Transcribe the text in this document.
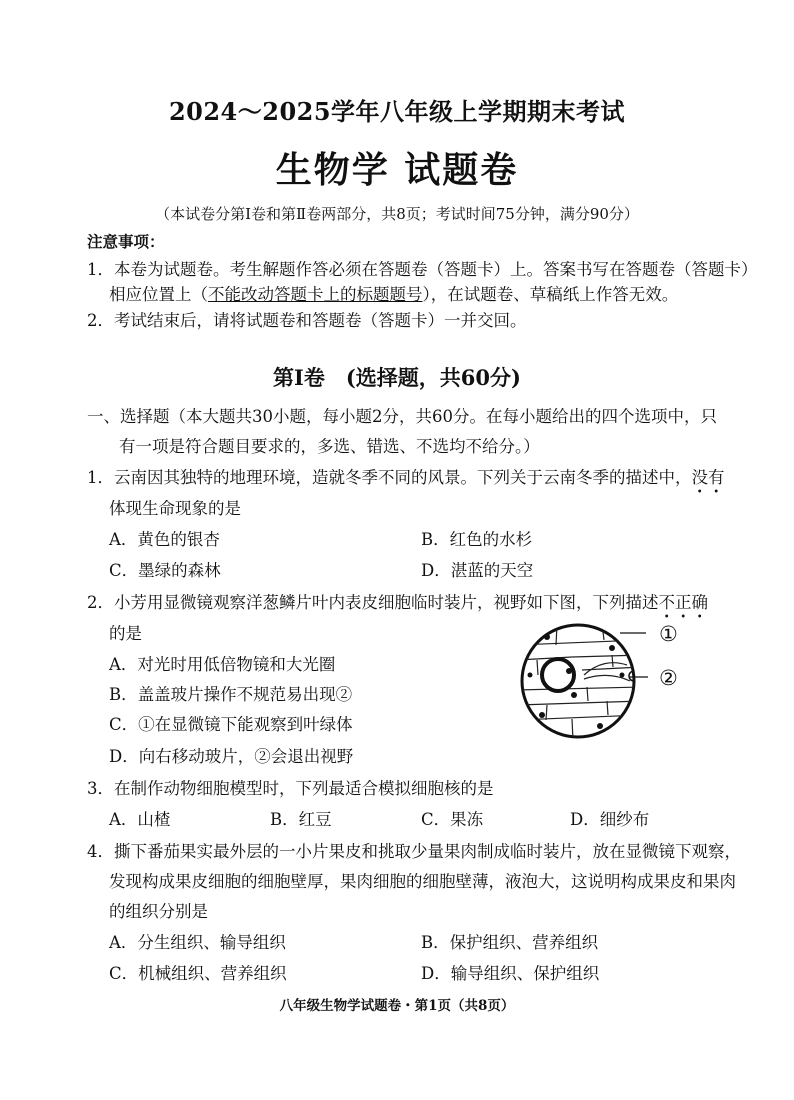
2024～2025学年八年级上学期期末考试
生物学 试题卷
（本试卷分第Ⅰ卷和第Ⅱ卷两部分，共8页；考试时间75分钟，满分90分）
注意事项：
1．本卷为试题卷。考生解题作答必须在答题卷（答题卡）上。答案书写在答题卷（答题卡）
相应位置上（不能改动答题卡上的标题题号），在试题卷、草稿纸上作答无效。
2．考试结束后，请将试题卷和答题卷（答题卡）一并交回。
第Ⅰ卷　(选择题，共60分)
一、选择题（本大题共30小题，每小题2分，共60分。在每小题给出的四个选项中，只
有一项是符合题目要求的，多选、错选、不选均不给分。）
1．云南因其独特的地理环境，造就冬季不同的风景。下列关于云南冬季的描述中，没有
体现生命现象的是
A．黄色的银杏	B．红色的水杉
C．墨绿的森林	D．湛蓝的天空
2．小芳用显微镜观察洋葱鳞片叶内表皮细胞临时装片，视野如下图，下列描述不正确
的是
A．对光时用低倍物镜和大光圈
B．盖盖玻片操作不规范易出现②
C．①在显微镜下能观察到叶绿体
D．向右移动玻片，②会退出视野
①
②
3．在制作动物细胞模型时，下列最适合模拟细胞核的是
A．山楂	B．红豆	C．果冻	D．细纱布
4．撕下番茄果实最外层的一小片果皮和挑取少量果肉制成临时装片，放在显微镜下观察，
发现构成果皮细胞的细胞壁厚，果肉细胞的细胞壁薄，液泡大，这说明构成果皮和果肉
的组织分别是
A．分生组织、输导组织	B．保护组织、营养组织
C．机械组织、营养组织	D．输导组织、保护组织
八年级生物学试题卷・第1页（共8页）
